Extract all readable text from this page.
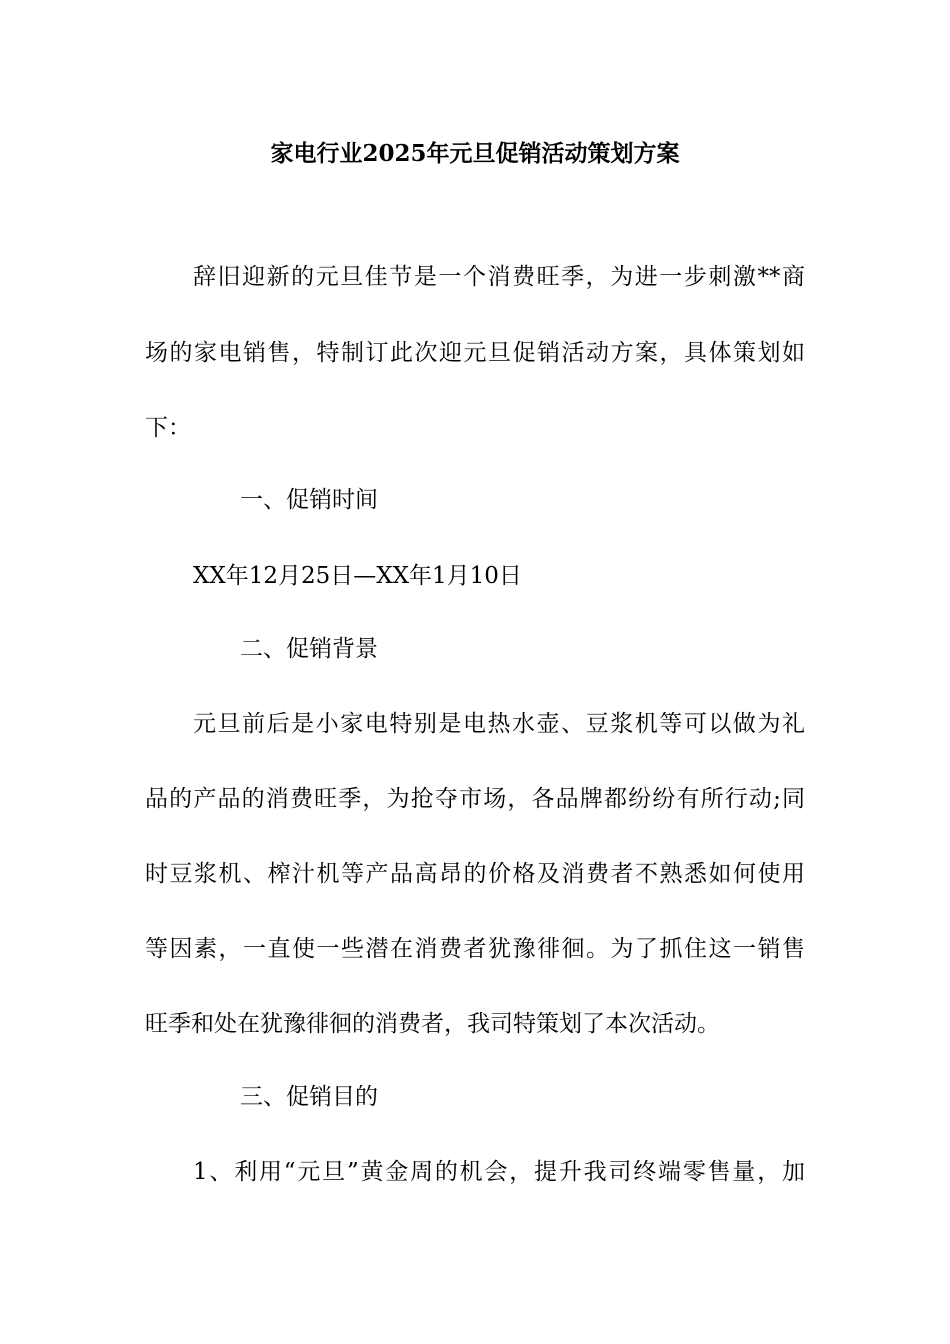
家电行业2025年元旦促销活动策划方案
辞旧迎新的元旦佳节是一个消费旺季，为进一步刺激**商
场的家电销售，特制订此次迎元旦促销活动方案，具体策划如
下：
一、促销时间
XX年12月25日—XX年1月10日
二、促销背景
元旦前后是小家电特别是电热水壶、豆浆机等可以做为礼
品的产品的消费旺季，为抢夺市场，各品牌都纷纷有所行动;同
时豆浆机、榨汁机等产品高昂的价格及消费者不熟悉如何使用
等因素，一直使一些潜在消费者犹豫徘徊。为了抓住这一销售
旺季和处在犹豫徘徊的消费者，我司特策划了本次活动。
三、促销目的
1、利用“元旦”黄金周的机会，提升我司终端零售量，加
